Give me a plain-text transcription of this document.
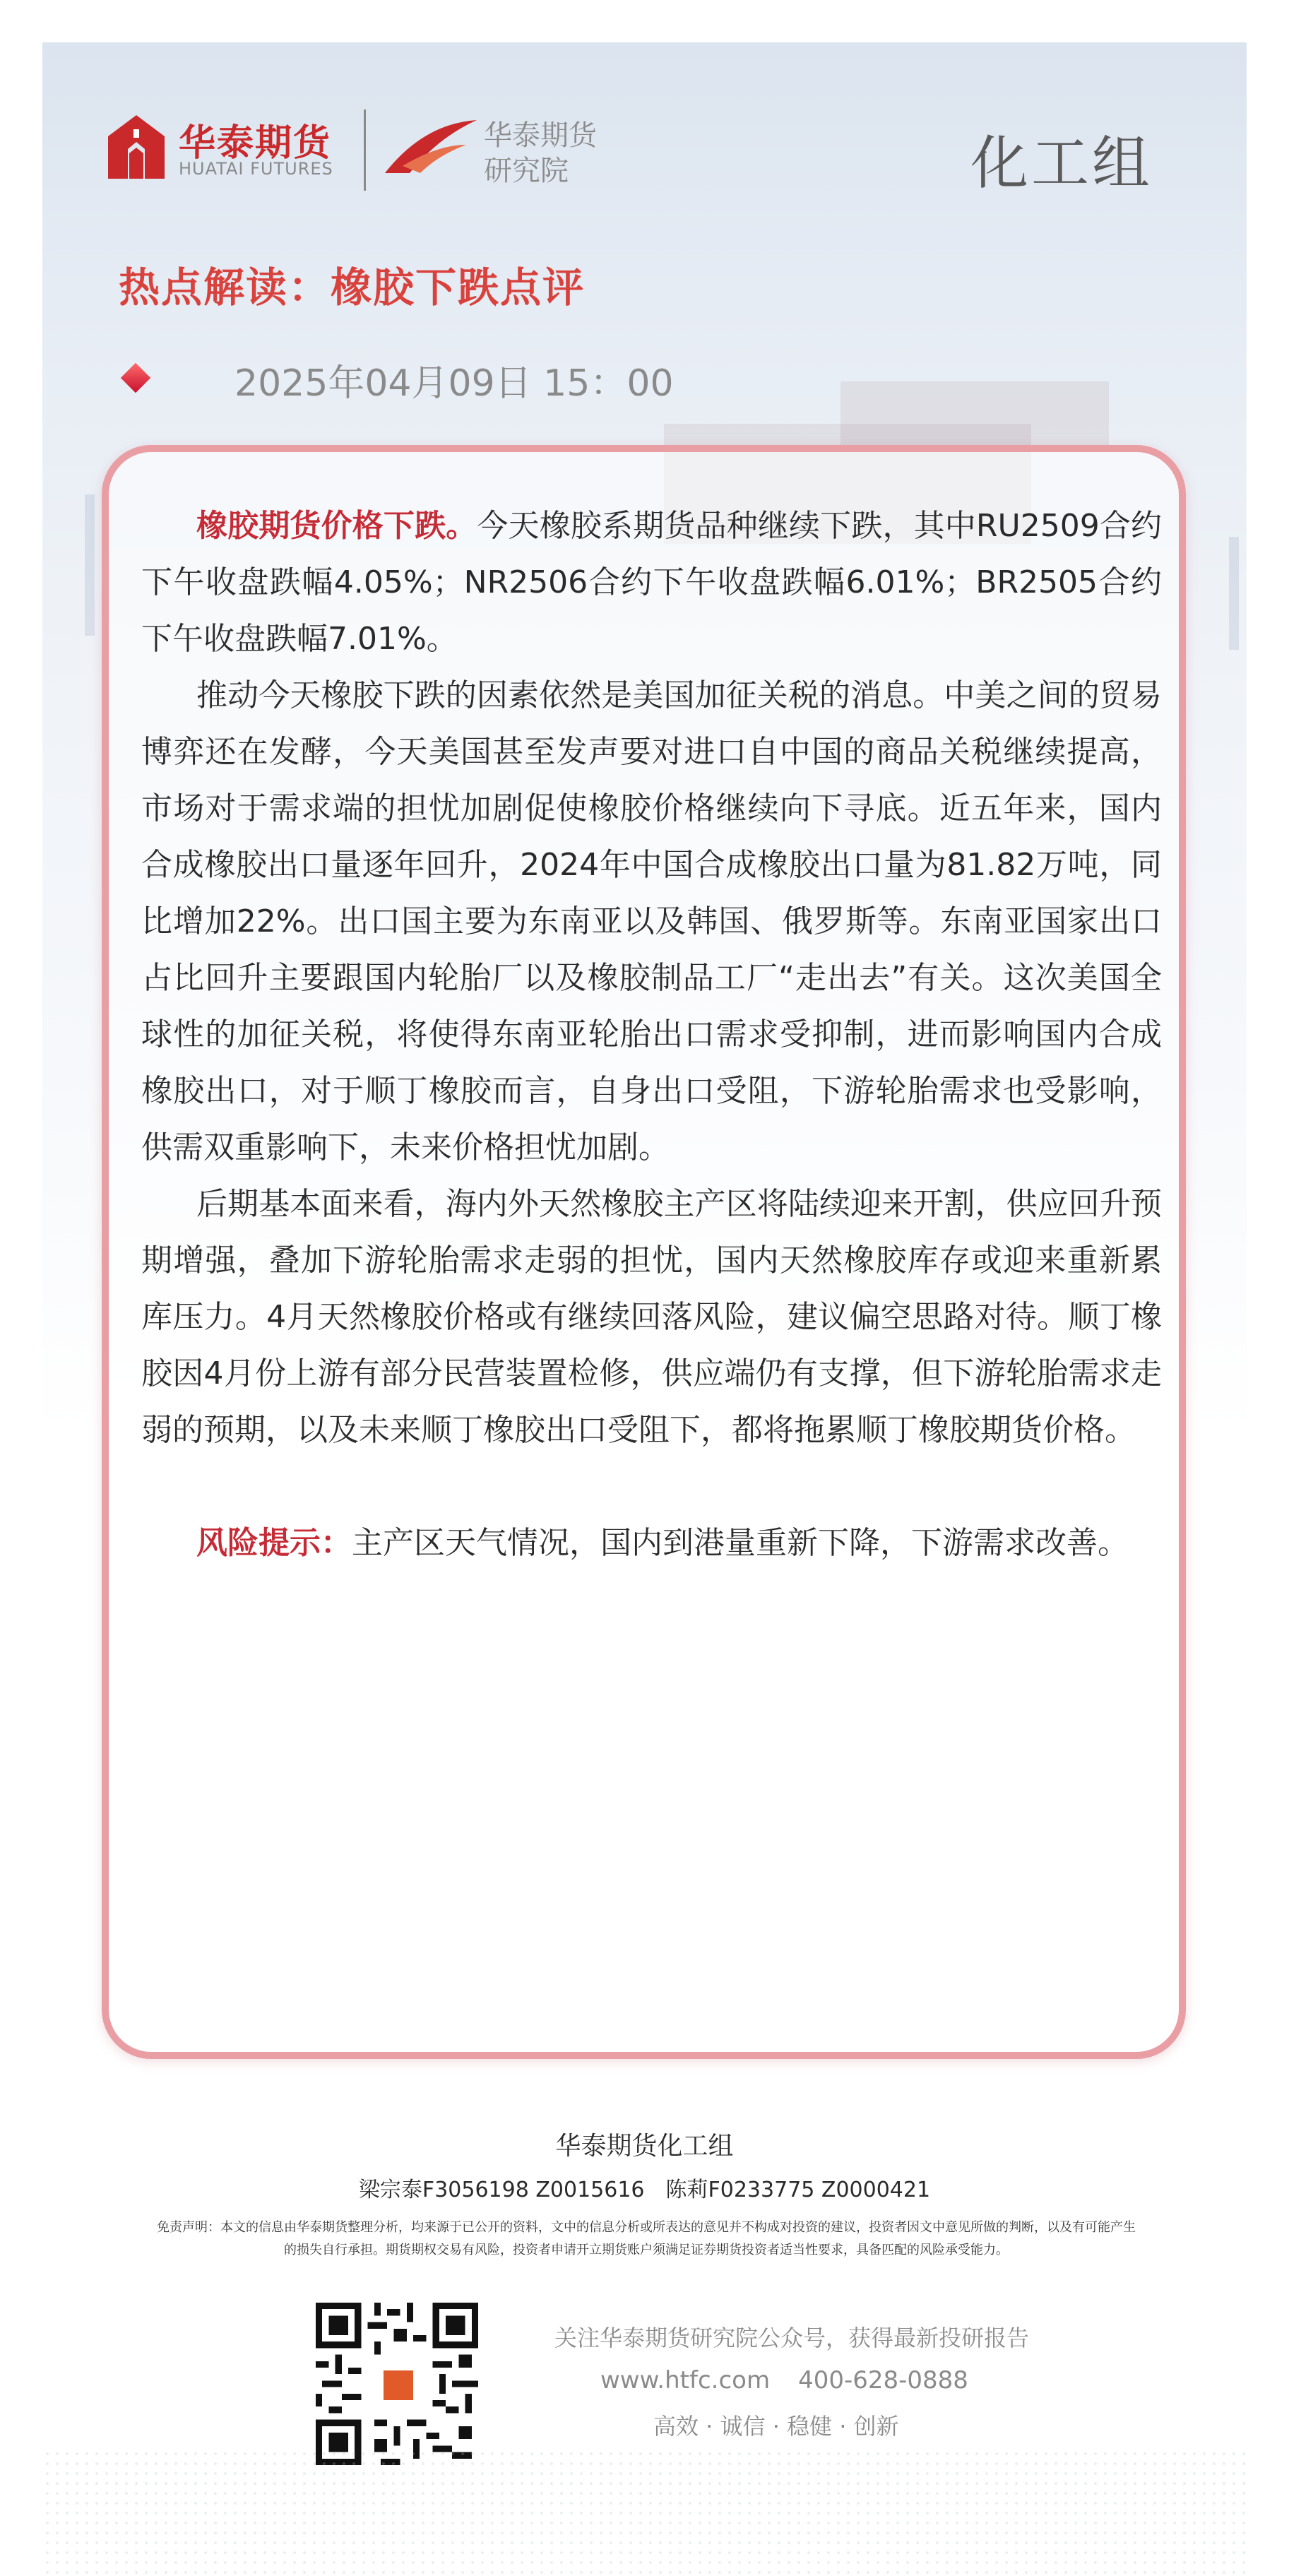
华泰期货
HUATAI FUTURES
华泰期货
研究院	化工组
热点解读：橡胶下跌点评
2025年04月09日 15：00

橡胶期货价格下跌。今天橡胶系期货品种继续下跌，其中RU2509合约下午收盘跌幅4.05%；NR2506合约下午收盘跌幅6.01%；BR2505合约下午收盘跌幅7.01%。

推动今天橡胶下跌的因素依然是美国加征关税的消息。中美之间的贸易博弈还在发酵，今天美国甚至发声要对进口自中国的商品关税继续提高，市场对于需求端的担忧加剧促使橡胶价格继续向下寻底。近五年来，国内合成橡胶出口量逐年回升，2024年中国合成橡胶出口量为81.82万吨，同比增加22%。出口国主要为东南亚以及韩国、俄罗斯等。东南亚国家出口占比回升主要跟国内轮胎厂以及橡胶制品工厂“走出去”有关。这次美国全球性的加征关税，将使得东南亚轮胎出口需求受抑制，进而影响国内合成橡胶出口，对于顺丁橡胶而言，自身出口受阻，下游轮胎需求也受影响，供需双重影响下，未来价格担忧加剧。

后期基本面来看，海内外天然橡胶主产区将陆续迎来开割，供应回升预期增强，叠加下游轮胎需求走弱的担忧，国内天然橡胶库存或迎来重新累库压力。4月天然橡胶价格或有继续回落风险，建议偏空思路对待。顺丁橡胶因4月份上游有部分民营装置检修，供应端仍有支撑，但下游轮胎需求走弱的预期，以及未来顺丁橡胶出口受阻下，都将拖累顺丁橡胶期货价格。

风险提示：主产区天气情况，国内到港量重新下降，下游需求改善。

华泰期货化工组
梁宗泰F3056198 Z0015616　陈莉F0233775 Z0000421
免责声明：本文的信息由华泰期货整理分析，均来源于已公开的资料，文中的信息分析或所表达的意见并不构成对投资的建议，投资者因文中意见所做的判断，以及有可能产生的损失自行承担。期货期权交易有风险，投资者申请开立期货账户须满足证券期货投资者适当性要求，具备匹配的风险承受能力。
关注华泰期货研究院公众号，获得最新投研报告
www.htfc.com 400-628-0888
高效 · 诚信 · 稳健 · 创新
